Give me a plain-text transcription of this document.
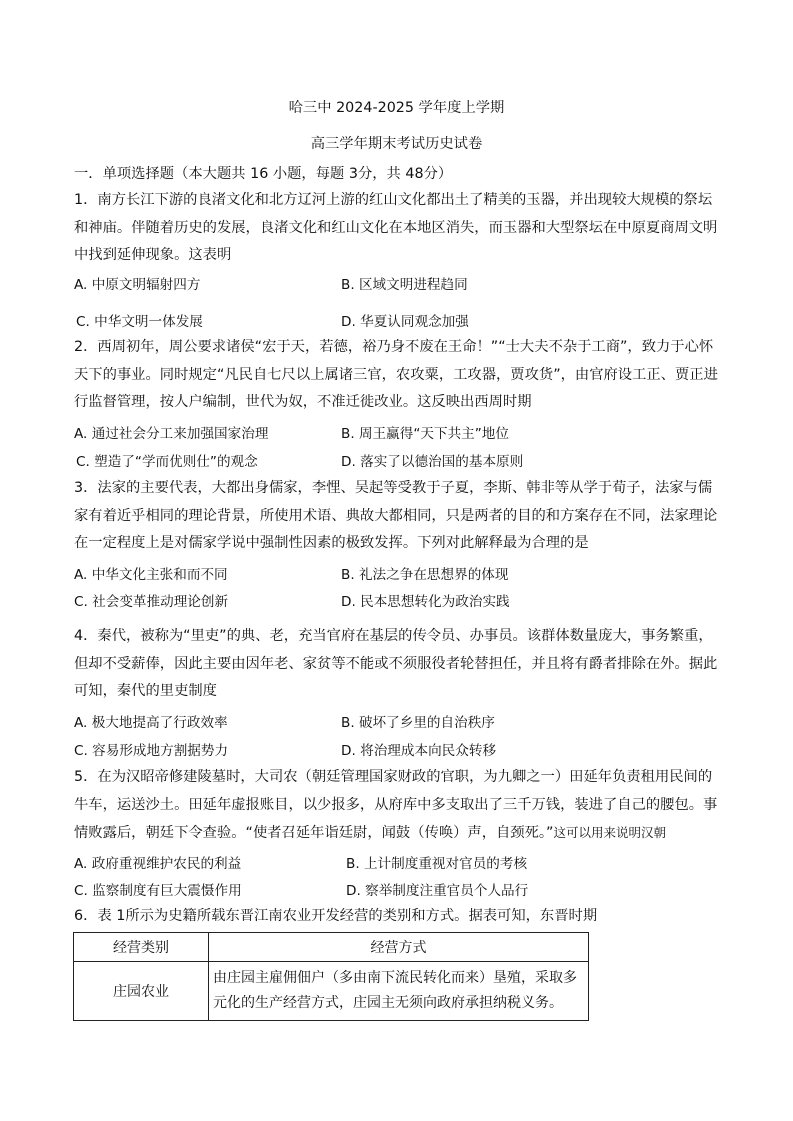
哈三中 2024-2025 学年度上学期
高三学年期末考试历史试卷
一．单项选择题（本大题共 16 小题，每题 3分，共 48分）
1．南方长江下游的良渚文化和北方辽河上游的红山文化都出土了精美的玉器，并出现较大规模的祭坛和神庙。伴随着历史的发展，良渚文化和红山文化在本地区消失，而玉器和大型祭坛在中原夏商周文明中找到延伸现象。这表明
A. 中原文明辐射四方	B. 区域文明进程趋同
C. 中华文明一体发展	D. 华夏认同观念加强
2．西周初年，周公要求诸侯“宏于天，若德，裕乃身不废在王命！”“士大夫不杂于工商”，致力于心怀天下的事业。同时规定“凡民自七尺以上属诸三官，农攻粟，工攻器，贾攻货”，由官府设工正、贾正进行监督管理，按人户编制，世代为奴，不准迁徙改业。这反映出西周时期
A. 通过社会分工来加强国家治理	B. 周王赢得“天下共主”地位
C. 塑造了“学而优则仕”的观念	D. 落实了以德治国的基本原则
3．法家的主要代表，大都出身儒家，李悝、吴起等受教于子夏，李斯、韩非等从学于荀子，法家与儒家有着近乎相同的理论背景，所使用术语、典故大都相同，只是两者的目的和方案存在不同，法家理论在一定程度上是对儒家学说中强制性因素的极致发挥。下列对此解释最为合理的是
A. 中华文化主张和而不同	B. 礼法之争在思想界的体现
C. 社会变革推动理论创新	D. 民本思想转化为政治实践
4．秦代，被称为“里吏”的典、老，充当官府在基层的传令员、办事员。该群体数量庞大，事务繁重，但却不受薪俸，因此主要由因年老、家贫等不能或不须服役者轮替担任，并且将有爵者排除在外。据此可知，秦代的里吏制度
A. 极大地提高了行政效率	B. 破坏了乡里的自治秩序
C. 容易形成地方割据势力	D. 将治理成本向民众转移
5．在为汉昭帝修建陵墓时，大司农（朝廷管理国家财政的官职，为九卿之一）田延年负责租用民间的牛车，运送沙土。田延年虚报账目，以少报多，从府库中多支取出了三千万钱，装进了自己的腰包。事情败露后，朝廷下令查验。“使者召延年诣廷尉，闻鼓（传唤）声，自颈死。”这可以用来说明汉朝
A. 政府重视维护农民的利益	B. 上计制度重视对官员的考核
C. 监察制度有巨大震慑作用	D. 察举制度注重官员个人品行
6．表 1所示为史籍所载东晋江南农业开发经营的类别和方式。据表可知，东晋时期
经营类别	经营方式
庄园农业	由庄园主雇佣佃户（多由南下流民转化而来）垦殖，采取多元化的生产经营方式，庄园主无须向政府承担纳税义务。
